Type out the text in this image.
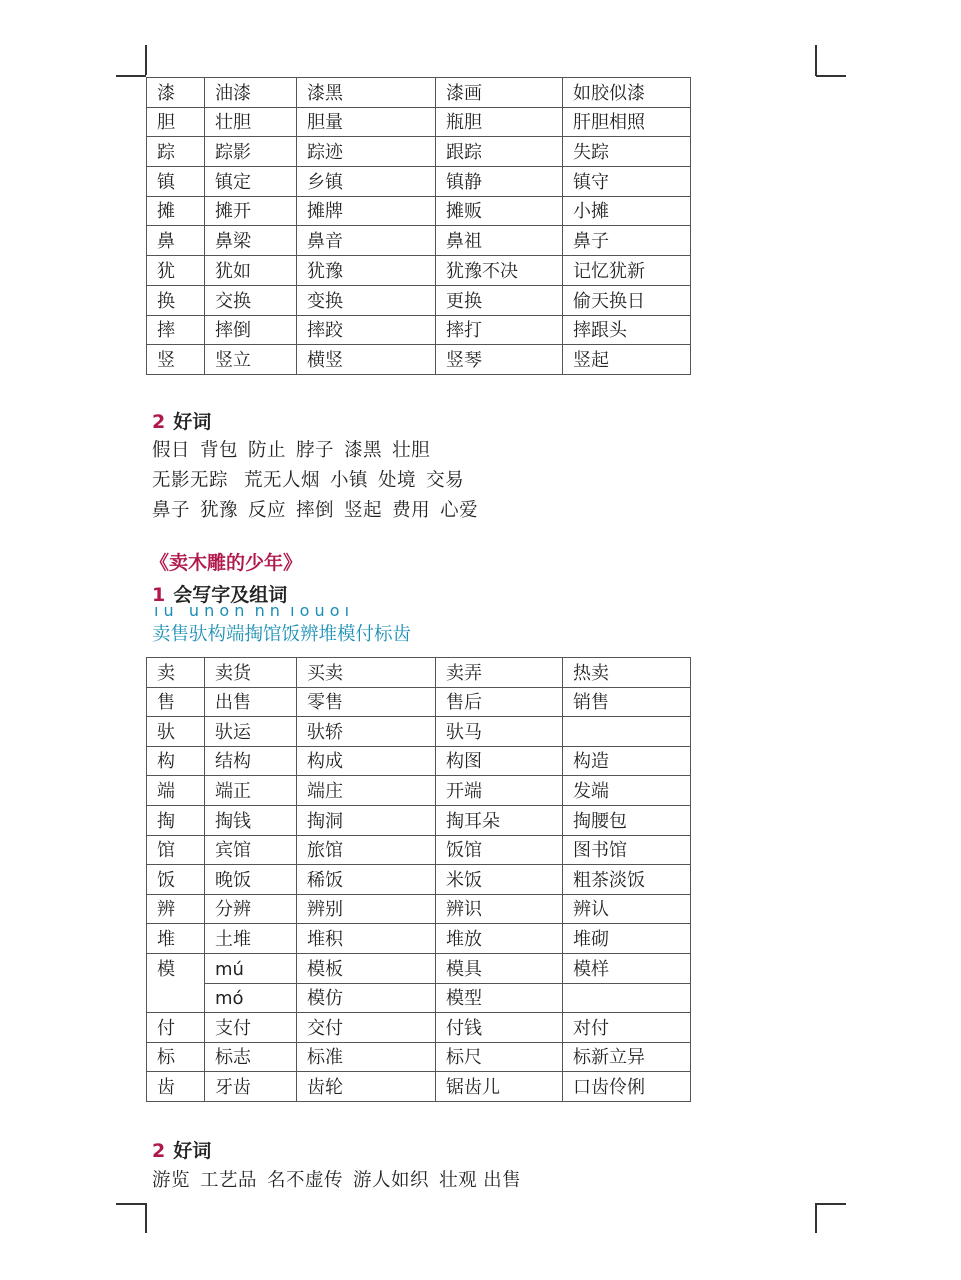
漆	油漆	漆黑	漆画	如胶似漆
胆	壮胆	胆量	瓶胆	肝胆相照
踪	踪影	踪迹	跟踪	失踪
镇	镇定	乡镇	镇静	镇守
摊	摊开	摊牌	摊贩	小摊
鼻	鼻梁	鼻音	鼻祖	鼻子
犹	犹如	犹豫	犹豫不决	记忆犹新
换	交换	变换	更换	偷天换日
摔	摔倒	摔跤	摔打	摔跟头
竖	竖立	横竖	竖琴	竖起
2 好词
假日 背包 防止 脖子 漆黑 壮胆
无影无踪 荒无人烟 小镇 处境 交易
鼻子 犹豫 反应 摔倒 竖起 费用 心爱
《卖木雕的少年》
1 会写字及组词
ı u   u n o n  n n  ı o u o ı
卖售驮构端掏馆饭辨堆模付标齿
卖	卖货	买卖	卖弄	热卖
售	出售	零售	售后	销售
驮	驮运	驮轿	驮马	
构	结构	构成	构图	构造
端	端正	端庄	开端	发端
掏	掏钱	掏洞	掏耳朵	掏腰包
馆	宾馆	旅馆	饭馆	图书馆
饭	晚饭	稀饭	米饭	粗茶淡饭
辨	分辨	辨别	辨识	辨认
堆	土堆	堆积	堆放	堆砌
模	mú	模板	模具	模样
	mó	模仿	模型	
付	支付	交付	付钱	对付
标	标志	标准	标尺	标新立异
齿	牙齿	齿轮	锯齿儿	口齿伶俐
2 好词
游览 工艺品 名不虚传 游人如织 壮观 出售
